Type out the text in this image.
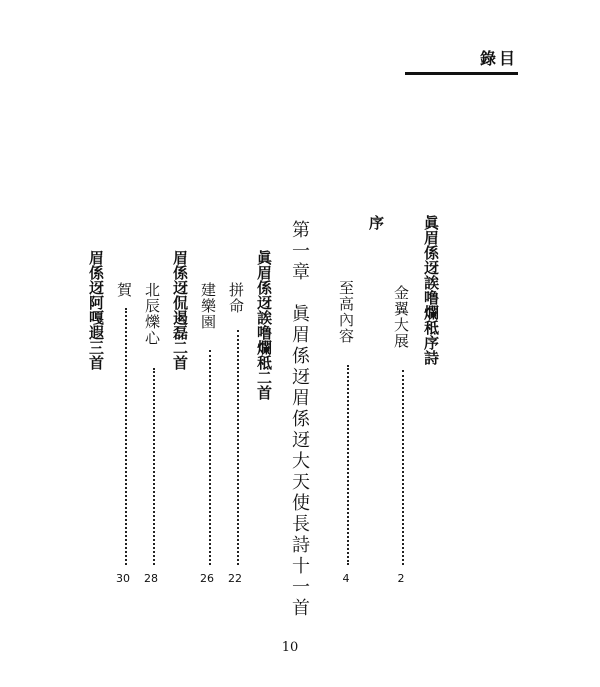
錄目
眞眉係迓誒噜爛秪序詩
金翼大展
2
序
至高內容
4
第一章　眞眉係迓眉係迓大天使長詩十一首
眞眉係迓誒噜爛秪二首
拼命
22
建樂園
26
眉係迓侃遏磊二首
北辰爍心
28
賀
30
眉係迓阿嘎遐三首
10
